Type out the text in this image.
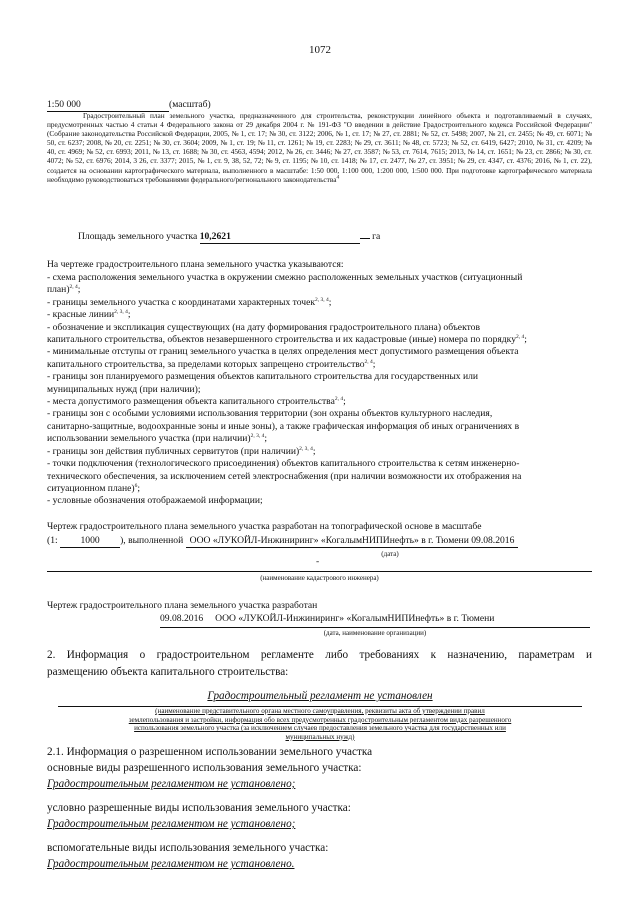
1072
1:50 000	(масштаб)
Градостроительный план земельного участка, предназначенного для строительства, реконструкции линейного объекта и подготавливаемый в случаях, предусмотренных частью 4 статьи 4 Федерального закона от 29 декабря 2004 г. № 191-ФЗ "О введении в действие Градостроительного кодекса Российской Федерации" (Собрание законодательства Российской Федерации, 2005, № 1, ст. 17; № 30, ст. 3122; 2006, № 1, ст. 17; № 27, ст. 2881; № 52, ст. 5498; 2007, № 21, ст. 2455; № 49, ст. 6071; № 50, ст. 6237; 2008, № 20, ст. 2251; № 30, ст. 3604; 2009, № 1, ст. 19; № 11, ст. 1261; № 19, ст. 2283; № 29, ст. 3611; № 48, ст. 5723; № 52, ст. 6419, 6427; 2010, № 31, ст. 4209; № 40, ст. 4969; № 52, ст. 6993; 2011, № 13, ст. 1688; № 30, ст. 4563, 4594; 2012, № 26, ст. 3446; № 27, ст. 3587; № 53, ст. 7614, 7615; 2013, № 14, ст. 1651; № 23, ст. 2866; № 30, ст. 4072; № 52, ст. 6976; 2014, 3 26, ст. 3377; 2015, № 1, ст. 9, 38, 52, 72; № 9, ст. 1195; № 10, ст. 1418; № 17, ст. 2477, № 27, ст. 3951; № 29, ст. 4347, ст. 4376; 2016, № 1, ст. 22), создается на основании картографического материала, выполненного в масштабе: 1:50 000, 1:100 000, 1:200 000, 1:500 000. При подготовке картографического материала необходимо руководствоваться требованиями федерального/регионального законодательства$^4$
Площадь земельного участка 10,2621	га
На чертеже градостроительного плана земельного участка указываются:
- схема расположения земельного участка в окружении смежно расположенных земельных участков (ситуационный
план)$^{2, 4}$;
- границы земельного участка с координатами характерных точек$^{2, 3, 4}$;
- красные линии$^{2, 3, 4}$;
- обозначение и экспликация существующих (на дату формирования градостроительного плана) объектов
капитального строительства, объектов незавершенного строительства и их кадастровые (иные) номера по порядку$^{2, 4}$;
- минимальные отступы от границ земельного участка в целях определения мест допустимого размещения объекта
капитального строительства, за пределами которых запрещено строительство$^{2, 4}$;
- границы зон планируемого размещения объектов капитального строительства для государственных или
муниципальных нужд (при наличии);
- места допустимого размещения объекта капитального строительства$^{2, 4}$;
- границы зон с особыми условиями использования территории (зон охраны объектов культурного наследия,
санитарно-защитные, водоохранные зоны и иные зоны), а также графическая информация об иных ограничениях в
использовании земельного участка (при наличии)$^{2, 3, 4}$;
- границы зон действия публичных сервитутов (при наличии)$^{2, 3, 4}$;
- точки подключения (технологического присоединения) объектов капитального строительства к сетям инженерно-
технического обеспечения, за исключением сетей электроснабжения (при наличии возможности их отображения на
ситуационном плане)$^6$;
- условные обозначения отображаемой информации;
Чертеж градостроительного плана земельного участка разработан на топографической основе в масштабе
(1: 1000 ), выполненной ООО «ЛУКОЙЛ-Инжиниринг» «КогалымНИПИнефть» в г. Тюмени 09.08.2016
(дата)
-
(наименование кадастрового инженера)
Чертеж градостроительного плана земельного участка разработан
09.08.2016 ООО «ЛУКОЙЛ-Инжиниринг» «КогалымНИПИнефть» в г. Тюмени
(дата, наименование организации)
2. Информация о градостроительном регламенте либо требованиях к назначению, параметрам и
размещению объекта капитального строительства:
Градостроительный регламент не установлен
(наименование представительного органа местного самоуправления, реквизиты акта об утверждении правил
землепользования и застройки, информация обо всех предусмотренных градостроительным регламентом видах разрешенного
использования земельного участка (за исключением случаев предоставления земельного участка для государственных или
муниципальных нужд)
2.1. Информация о разрешенном использовании земельного участка
основные виды разрешенного использования земельного участка:
Градостроительным регламентом не установлено;
условно разрешенные виды использования земельного участка:
Градостроительным регламентом не установлено;
вспомогательные виды использования земельного участка:
Градостроительным регламентом не установлено.
